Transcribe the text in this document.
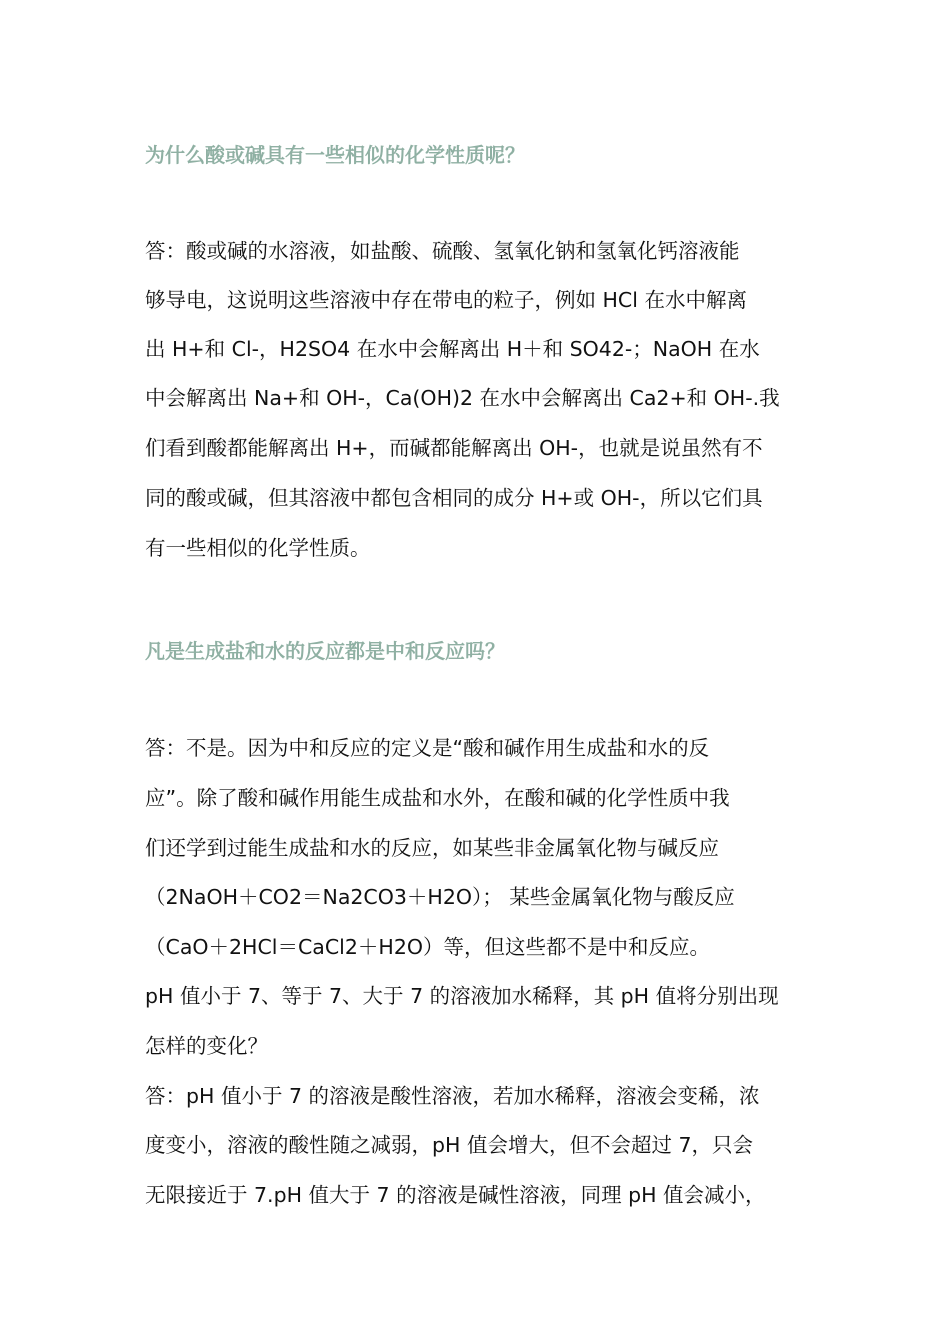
为什么酸或碱具有一些相似的化学性质呢？

答：酸或碱的水溶液，如盐酸、硫酸、氢氧化钠和氢氧化钙溶液能

够导电，这说明这些溶液中存在带电的粒子，例如 HCl 在水中解离

出 H+和 Cl-，H2SO4 在水中会解离出 H＋和 SO42-；NaOH 在水

中会解离出 Na+和 OH-，Ca(OH)2 在水中会解离出 Ca2+和 OH-.我

们看到酸都能解离出 H+，而碱都能解离出 OH-，也就是说虽然有不

同的酸或碱，但其溶液中都包含相同的成分 H+或 OH-，所以它们具

有一些相似的化学性质。

凡是生成盐和水的反应都是中和反应吗？

答：不是。因为中和反应的定义是“酸和碱作用生成盐和水的反

应”。除了酸和碱作用能生成盐和水外，在酸和碱的化学性质中我

们还学到过能生成盐和水的反应，如某些非金属氧化物与碱反应

（2NaOH＋CO2＝Na2CO3＋H2O）； 某些金属氧化物与酸反应

（CaO＋2HCl＝CaCl2＋H2O）等，但这些都不是中和反应。

pH 值小于 7、等于 7、大于 7 的溶液加水稀释，其 pH 值将分别出现

怎样的变化？

答：pH 值小于 7 的溶液是酸性溶液，若加水稀释，溶液会变稀，浓

度变小，溶液的酸性随之减弱，pH 值会增大，但不会超过 7，只会

无限接近于 7.pH 值大于 7 的溶液是碱性溶液，同理 pH 值会减小，
